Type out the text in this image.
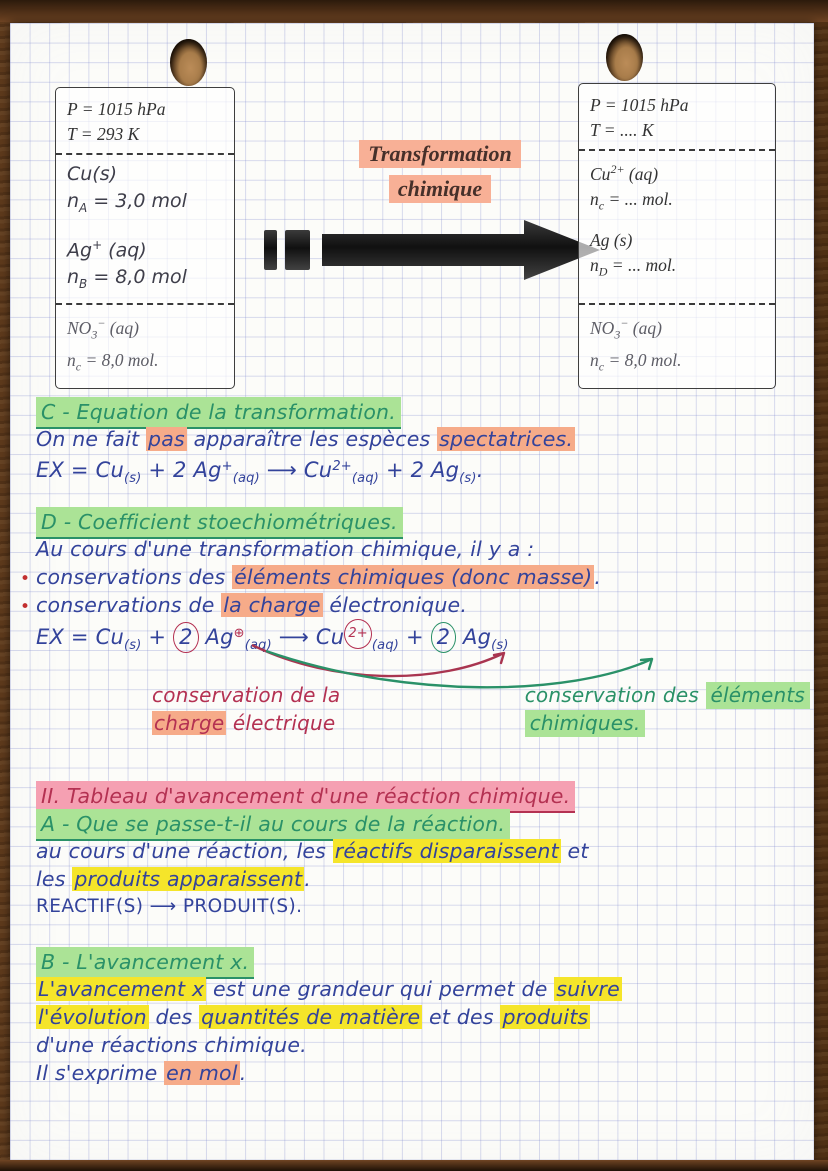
P = 1015 hPa
T = 293 K
Cu(s)
$n_A = 3,0$ mol
Ag+ (aq)
$n_B = 8,0$ mol
$NO_3^-$ (aq)
$n_c = 8,0$ mol.
Transformation
chimique
P = 1015 hPa
T = .... K
$Cu^{2+}$ (aq)
$n_c$ = ... mol.
Ag (s)
$n_D$ = ... mol.
$NO_3^-$ (aq)
$n_c = 8,0$ mol.
C - Equation de la transformation.
On ne fait pas apparaître les espèces spectatrices.
EX = $Cu_{(s)} + 2$ $Ag^+_{(aq)}$ ⟶ $Cu^{2+}_{(aq)} + 2$ $Ag_{(s)}$.
D - Coefficient stoechiométriques.
Au cours d'une transformation chimique, il y a :
• conservations des éléments chimiques (donc masse).
• conservations de la charge électronique.
EX = $Cu_{(s)} + 2$ $Ag^\oplus_{(aq)}$ ⟶ Cu $2+_{(aq)} + 2$ $Ag_{(s)}$
conservation de la
charge électrique
conservation des éléments
chimiques.
II. Tableau d'avancement d'une réaction chimique.
A - Que se passe-t-il au cours de la réaction.
au cours d'une réaction, les réactifs disparaissent et
les produits apparaissent.
REACTIF(S) ⟶ PRODUIT(S).
B - L'avancement x.
L'avancement x est une grandeur qui permet de suivre
l'évolution des quantités de matière et des produits
d'une réactions chimique.
Il s'exprime en mol.
